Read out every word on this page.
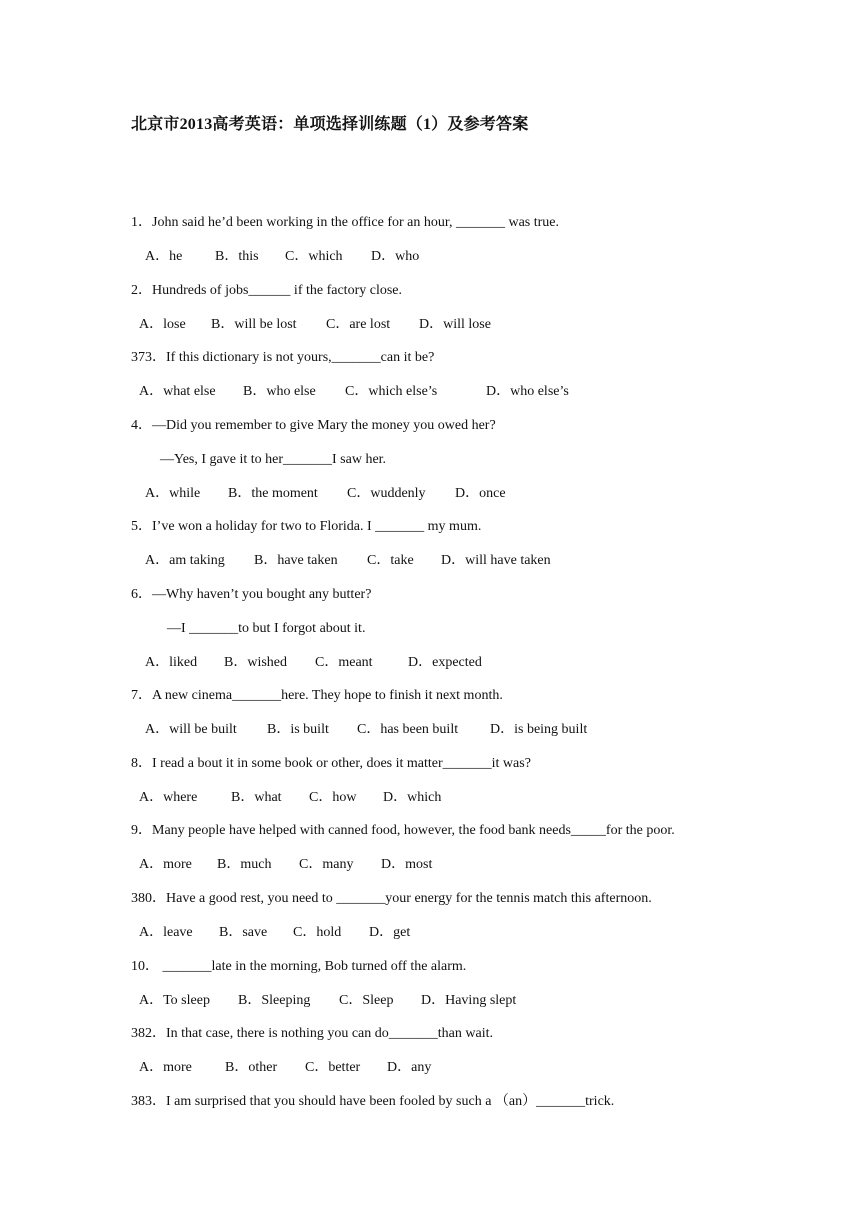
北京市2013高考英语：单项选择训练题（1）及参考答案
1．John said he’d been working in the office for an hour, _______ was true.
A．he B．this C．which D．who
2．Hundreds of jobs______ if the factory close.
A．lose B．will be lost C．are lost D．will lose
373．If this dictionary is not yours,_______can it be?
A．what else B．who else C．which else’s	D．who else’s
4．—Did you remember to give Mary the money you owed her?
—Yes, I gave it to her_______I saw her.
A．while B．the moment C．wuddenly D．once
5．I’ve won a holiday for two to Florida. I _______ my mum.
A．am taking B．have taken C．take D．will have taken
6．—Why haven’t you bought any butter?
—I _______to but I forgot about it.
A．liked B．wished C．meant	D．expected
7．A new cinema_______here. They hope to finish it next month.
A．will be built B．is built C．has been built D．is being built
8．I read a bout it in some book or other, does it matter_______it was?
A．where B．what C．how D．which
9．Many people have helped with canned food, however, the food bank needs_____for the poor.
A．more B．much C．many D．most
380．Have a good rest, you need to _______your energy for the tennis match this afternoon.
A．leave B．save C．hold D．get
10． _______late in the morning, Bob turned off the alarm.
A．To sleep B．Sleeping C．Sleep D．Having slept
382．In that case, there is nothing you can do_______than wait.
A．more B．other C．better D．any
383．I am surprised that you should have been fooled by such a （an）_______trick.
